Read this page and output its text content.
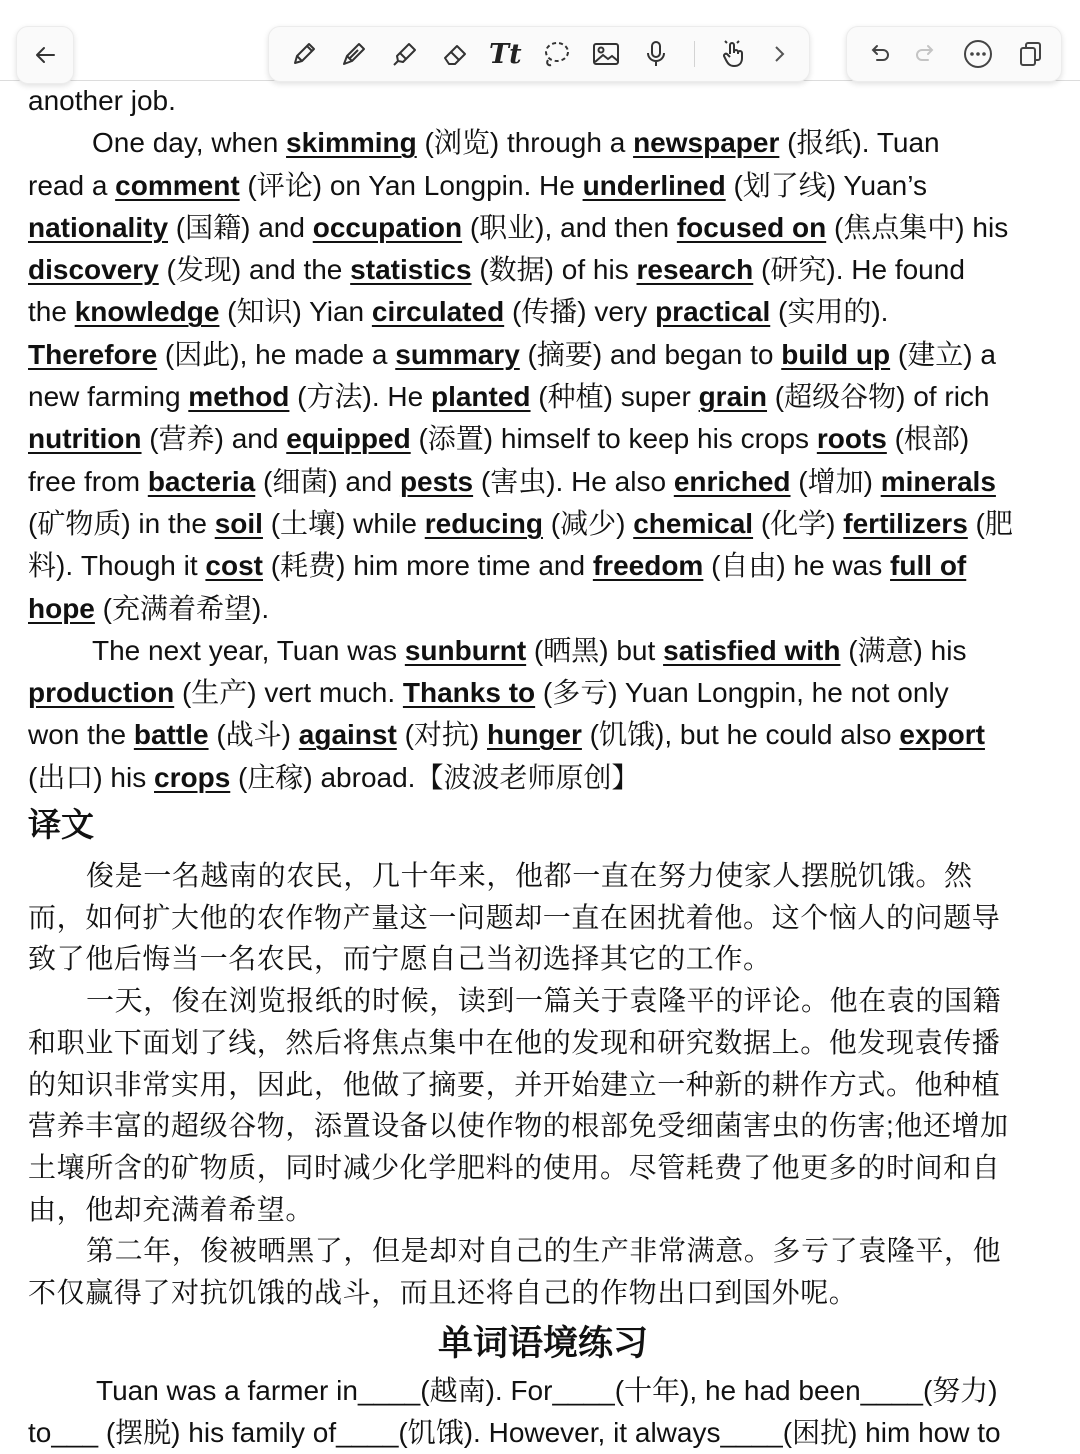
Tt

another job.

One day, when skimming (浏览) through a newspaper (报纸). Tuan

read a comment (评论) on Yan Longpin. He underlined (划了线) Yuan’s

nationality (国籍) and occupation (职业), and then focused on (焦点集中) his

discovery (发现) and the statistics (数据) of his research (研究). He found

the knowledge (知识) Yian circulated (传播) very practical (实用的).

Therefore (因此), he made a summary (摘要) and began to build up (建立) a

new farming method (方法). He planted (种植) super grain (超级谷物) of rich

nutrition (营养) and equipped (添置) himself to keep his crops roots (根部)

free from bacteria (细菌) and pests (害虫). He also enriched (增加) minerals

(矿物质) in the soil (土壤) while reducing (减少) chemical (化学) fertilizers (肥

料). Though it cost (耗费) him more time and freedom (自由) he was full of

hope (充满着希望).

The next year, Tuan was sunburnt (晒黑) but satisfied with (满意) his

production (生产) vert much. Thanks to (多亏) Yuan Longpin, he not only

won the battle (战斗) against (对抗) hunger (饥饿), but he could also export

(出口) his crops (庄稼) abroad.【波波老师原创】

译文

俊是一名越南的农民，几十年来，他都一直在努力使家人摆脱饥饿。然

而，如何扩大他的农作物产量这一问题却一直在困扰着他。这个恼人的问题导

致了他后悔当一名农民，而宁愿自己当初选择其它的工作。

一天，俊在浏览报纸的时候，读到一篇关于袁隆平的评论。他在袁的国籍

和职业下面划了线，然后将焦点集中在他的发现和研究数据上。他发现袁传播

的知识非常实用，因此，他做了摘要，并开始建立一种新的耕作方式。他种植

营养丰富的超级谷物，添置设备以使作物的根部免受细菌害虫的伤害;他还增加

土壤所含的矿物质，同时减少化学肥料的使用。尽管耗费了他更多的时间和自

由，他却充满着希望。

第二年，俊被晒黑了，但是却对自己的生产非常满意。多亏了袁隆平，他

不仅赢得了对抗饥饿的战斗，而且还将自己的作物出口到国外呢。

单词语境练习

Tuan was a farmer in____(越南). For____(十年), he had been____(努力)

to___ (摆脱) his family of____(饥饿). However, it always____(困扰) him how to
